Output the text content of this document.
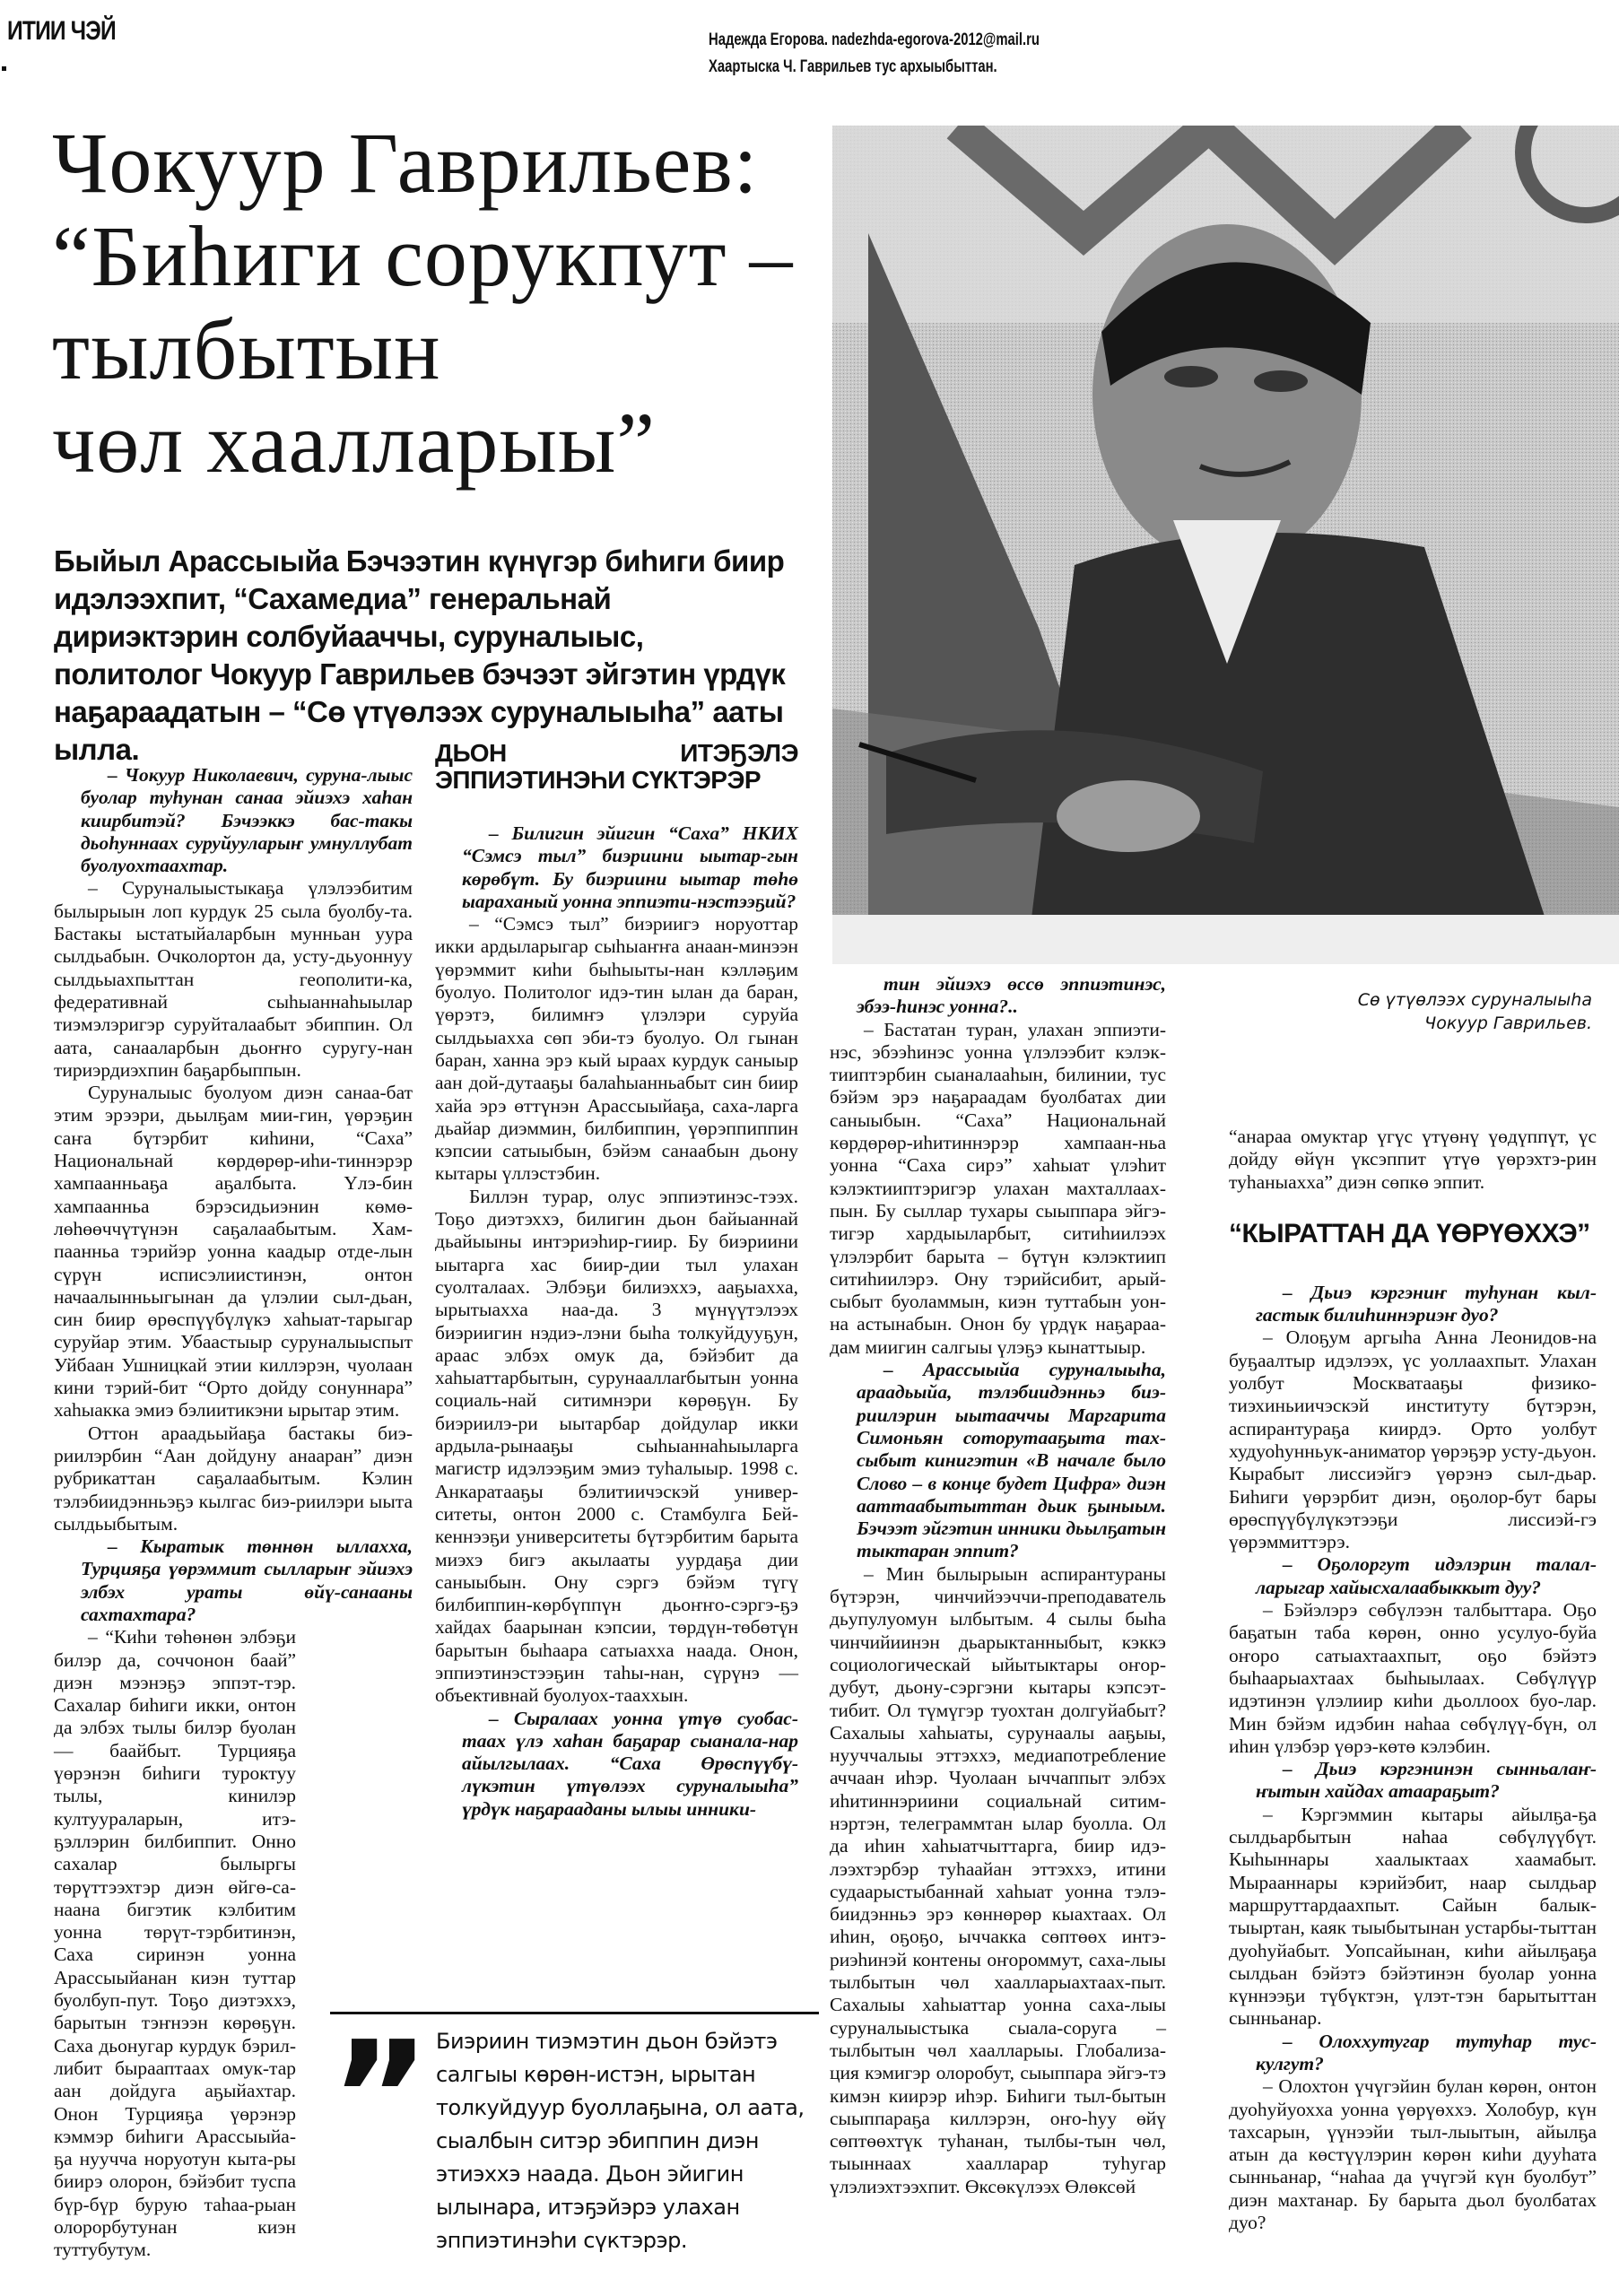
ИТИИ ЧЭЙ	Надежда Егорова. nadezhda-egorova-2012@mail.ru
Хаартыска Ч. Гаврильев тус архыыбыттан.
Чокуур Гаврильев:
“Биһиги сорукпут –
тылбытын
чөл хаалларыы”
Быйыл Арассыыйа Бэчээтин күнүгэр биһиги биир идэлээхпит, “Сахамедиа” генеральнай дириэктэрин солбуйааччы, суруналыыс, политолог Чокуур Гаврильев бэчээт эйгэтин үрдүк наҕараадатын – “Сө үтүөлээх суруналыыһа” ааты ылла.
Сө үтүөлээх суруналыыһа
Чокуур Гаврильев.

– Чокуур Николаевич, суруна-лыыс буолар туһунан санаа эйиэхэ хаһан киирбитэй? Бэчээккэ бас-такы дьоһуннаах суруйууларыҥ умнуллубат буолуохтаахтар.

– Суруналыыстыкаҕа үлэлээбитим былырыын лоп курдук 25 сыла буолбу-та. Бастакы ыстатыйаларбын мунньан уура сылдьабын. Очколортон да, усту-дьуоннуу сылдьыахпыттан геополити-ка, федеративнай сыһыаннаһыылар тиэмэлэригэр суруйталаабыт эбиппин. Ол аата, санааларбын дьоҥҥо суругу-нан тириэрдиэхпин баҕарбыппын.

Суруналыыс буолуом диэн санаа-бат этим эрээри, дьылҕам мии-гин, үөрэҕин саҥа бүтэрбит киһини, “Саха” Национальнай көрдөрөр-иһи-тиннэрэр хампаанньаҕа аҕалбыта. Үлэ-бин хампаанньа бэрэсидьиэнин көмө-лөһөөччүтүнэн саҕалаабытым. Хам-паанньа тэрийэр уонна каадыр отде-лын сүрүн исписэлиистинэн, онтон начаалынньыгынан да үлэлии сыл-дьан, син биир өрөспүүбүлүкэ хаһыат-тарыгар суруйар этим. Убаастыыр суруналыыспыт Уйбаан Ушницкай этии киллэрэн, чуолаан кини тэрий-бит “Орто дойду сонуннара” хаһыакка эмиэ бэлиитикэни ырытар этим.

Оттон араадьыйаҕа бастакы биэ-риилэрбин “Аан дойдуну анааран” диэн рубрикаттан саҕалаабытым. Кэлин тэлэбиидэнньэҕэ кылгас биэ-риилэри ыыта сылдьыбытым.

– Кыратык төннөн ыллахха, Турцияҕа үөрэммит сылларыҥ эйиэхэ элбэх ураты өйү-санааны сахтахтара?

– “Киһи төһөнөн элбэҕи билэр да, соччонон баай” диэн мээнэҕэ эппэт-тэр. Сахалар биһиги икки, онтон да элбэх тылы билэр буолан — баайбыт. Турцияҕа үөрэнэн биһиги туроктуу тылы, кинилэр култуураларын, итэ-ҕэллэрин билбиппит. Онно сахалар былыргы төрүттээхтэр диэн өйгө-са-наана бигэтик кэлбитим уонна төрүт-тэрбитинэн, Саха сиринэн уонна Арассыыйанан киэн туттар буолбуп-пут. Тоҕо диэтэххэ, барытын тэҥнээн көрөҕүн. Саха дьонугар курдук бэрил-либит бырааптаах омук-тар аан дойдуга аҕыйахтар. Онон Турцияҕа үөрэнэр кэммэр биһиги Арассыыйа-ҕа нууччa норуотун кыта-ры биирэ олорон, бэйэбит туспа бүр-бүр бурую таһаа-рыан олорорбутунан киэн туттубутум.

ДЬОН ИТЭҔЭЛЭ ЭППИЭТИНЭҺИ СҮКТЭРЭР

– Билигин эйигин “Саха” НКИХ “Сэмсэ тыл” биэриини ыытар-гын көрөбүт. Бу биэриини ыытар төһө ыараханый уонна эппиэти-нэстээҕий?

– “Сэмсэ тыл” биэриигэ норуоттар икки ардыларыгар сыһыаҥҥа анаан-минээн үөрэммит киһи быһыыты-нан кэлләҕим буолуо. Политолог идэ-тин ылан да баран, үөрэтэ, билимҥэ үлэлэри суруйа сылдьыахха сөп эби-тэ буолуо. Ол гынан баран, ханна эрэ кый ыраах курдук саныыр аан дой-дутааҕы балаһыанньабыт син биир хайа эрэ өттүнэн Арассыыйаҕа, саха-ларга дьайар диэммин, билбиппин, үөрэппиппин кэпсии сатыыбын, бэйэм санаабын дьону кытары үллэстэбин.

Биллэн турар, олус эппиэтинэс-тээх. Тоҕо диэтэххэ, билигин дьон байыаннай дьайыыны интэриэһир-гиир. Бу биэриини ыытарга хас биир-дии тыл улахан суолталаах. Элбэҕи билиэххэ, ааҕыахха, ырытыахха наа-да. 3 мүнүүтэлээх биэриигин нэдиэ-лэни быһа толкуйдууҕун, араас элбэх омук да, бэйэбит да хаһыаттарбытын, сурунааллarбытын уонна социаль-най ситимнэри көрөҕүн. Бу биэриилэ-ри ыытарбар дойдулар икки ардыла-рынааҕы сыһыаннаһыыларга магистр идэлээҕим эмиэ туһалыыр. 1998 с. Анкаратааҕы бэлитиичэскэй универ-ситеты, онтон 2000 с. Стамбулга Бей-кеннээҕи университеты бүтэрбитим барыта миэхэ бигэ акылааты уурдаҕа дии саныыбын. Ону сэргэ бэйэм түгү билбиппин-көрбүппүн дьоҥҥо-сэргэ-ҕэ хайдах баарынан кэпсии, төрдүн-төбөтүн барытын быһаара сатыахха наада. Онон, эппиэтинэстээҕин таһы-нан, сүрүнэ — объективнай буолуох-тааххын.

– Сыралаах уонна үтүө суобас-таах үлэ хаһан баҕарар сыанала-нар айылгылаах. “Саха Өрөспүүбү-лүкэтин үтүөлээх суруналыыһа” үрдүк наҕарааданы ылыы инники-

тин эйиэхэ өссө эппиэтинэс, эбээ-һинэс уонна?..

– Бастатан туран, улахан эппиэти-нэс, эбээһинэс уонна үлэлээбит кэлэк-тииптэрбин сыаналааһын, билинии, тус бэйэм эрэ наҕараадам буолбатах дии саныыбын. “Саха” Национальнай көрдөрөр-иһитиннэрэр хампаан-ньа уонна “Саха сирэ” хаһыат үлэһит кэлэктииптэригэр улахан махталлаах-пын. Бу сыллар тухары сыыппара эйгэ-тигэр хардыыларбыт, ситиһиилээх үлэлэрбит барыта – бүтүн кэлэктиип ситиһиилэрэ. Ону тэрийсибит, арый-сыбыт буоламмын, киэн туттабын уон-на астынабын. Онон бу үрдүк наҕараа-дам миигин салгыы үлэҕэ кынаттыыр.

– Арассыыйа суруналыыһа, араадьыйа, тэлэбиидэнньэ биэ-риилэрин ыытааччы Маргарита Симоньян соторутааҕыта тах-сыбыт кинигэтин «В начале было Слово – в конце будет Цифра» диэн ааттаабытыттан дьик ҕыныым. Бэчээт эйгэтин инники дьылҕатын тыктаран эппит?

– Мин былырыын аспирантураны бүтэрэн, чинчийээччи-преподаватель дьупулуомун ылбытым. 4 сылы быһа чинчийиинэн дьарыктанныбыт, кэккэ социологическай ыйытыктары оҥор-дубут, дьону-сэргэни кытары кэпсэт-тибит. Ол түмүгэр туохтан долгуйабыт? Сахалыы хаһыаты, сурунаалы ааҕыы, нууччалыы эттэххэ, медиапотребление аччаан иһэр. Чуолаан ыччаппыт элбэх иһитиннэриини социальнай ситим-нэртэн, телеграммтан ылар буолла. Ол да иһин хаһыатчыттарга, биир идэ-лээхтэрбэр туһаайан эттэххэ, итини судаарыстыбаннай хаһыат уонна тэлэ-биидэнньэ эрэ көннөрөр кыахтаах. Ол иһин, оҕоҕо, ыччакка сөптөөх интэ-риэһинэй контены оҥороммут, саха-лыы тылбытын чөл хаалларыахтаах-пыт. Сахалыы хаһыаттар уонна саха-лыы суруналыыстыка сыала-соруга – тылбытын чөл хаалларыы. Глобализа-ция кэмигэр олоробут, сыыппара эйгэ-тэ кимэн киирэр иһэр. Биһиги тыл-бытын сыыппараҕа киллэрэн, оҥо-һуу өйү сөптөөхтүк туһанан, тылбы-тын чөл, тыыннаах хаалларар туһугар үлэлиэхтээхпит. Өксөкүлээх Өлөксөй

“анараа омуктар үгүс үтүөнү үөдүппүт, үс дойду өйүн үксэппит үтүө үөрэхтэ-рин туһаныахха” диэн сөпкө эппит.

“КЫРАТТАН ДА ҮӨРҮӨХХЭ”

– Дьиэ кэргэниҥ туһунан кыл-гастык билиһиннэриэҥ дуо?

– Олоҕум аргыһа Анна Леонидов-на буҕаалтыр идэлээх, үс уоллаахпыт. Улахан уолбут Москватааҕы физико-тиэхиньиичэскэй институту бүтэрэн, аспирантураҕа киирдэ. Орто уолбут худуоһунньук-аниматор үөрэҕэр усту-дьуон. Кырабыт лиссиэйгэ үөрэнэ сыл-дьар. Биһиги үөрэрбит диэн, оҕолор-бут бары өрөспүүбүлүкэтээҕи лиссиэй-гэ үөрэммиттэрэ.

– Оҕолоргут идэлэрин талал-ларыгар хайысхалаабыккыт дуу?

– Бэйэлэрэ сөбүлээн талбыттара. Оҕо баҕатын таба көрөн, онно усулуо-буйа оҥоро сатыахтаахпыт, оҕо бэйэтэ быһаарыахтаах быһыылаах. Сөбүлүүр идэтинэн үлэлиир киһи дьоллоох буо-лар. Мин бэйэм идэбин наһаа сөбүлүү-бүн, ол иһин үлэбэр үөрэ-көтө кэлэбин.

– Дьиэ кэргэнинэн сынньалаҥ-ҥытын хайдах атаараҕыт?

– Кэргэммин кытары айылҕа-ҕа сылдьарбытын наһаа сөбүлүүбүт. Кыһыннары хаалыктаах хаамабыт. Мырааннары кэрийэбит, наар сылдьар маршруттардаахпыт. Сайын балык-тыыртан, каяк тыыбытынан устарбы-тыттан дуоһуйабыт. Уопсайынан, киһи айылҕаҕа сылдьан бэйэтэ бэйэтинэн буолар уонна күннээҕи түбүктэн, үлэт-тэн барытыттан сынньанар.

– Олоххутугар тутуһар тус-кулгут?

– Олохтон үчүгэйин булан көрөн, онтон дуоһуйуохха уонна үөрүөххэ. Холобур, күн тахсарын, үүнээйи тыл-лыытын, айылҕа атын да көстүүлэрин көрөн киһи дууһата сынньанар, “наһаа да үчүгэй күн буолбут” диэн махтанар. Бу барыта дьол буолбатах дуо?

” Биэриин тиэмэтин дьон бэйэтэ салгыы көрөн-истэн, ырытан толкуйдуур буоллаҕына, ол аата, сыалбын ситэр эбиппин диэн этиэххэ наада. Дьон эйигин ылынара, итэҕэйэрэ улахан эппиэтинэһи сүктэрэр.
